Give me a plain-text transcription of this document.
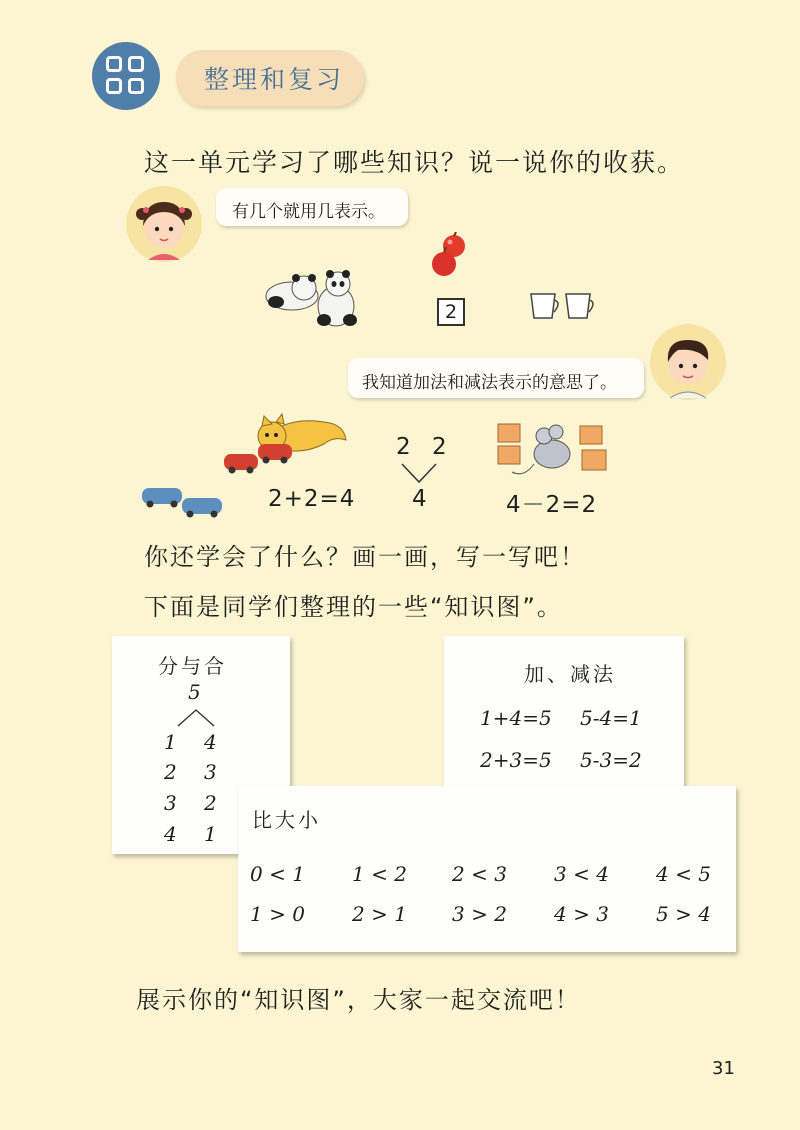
整理和复习
这一单元学习了哪些知识？说一说你的收获。
有几个就用几表示。
2
我知道加法和减法表示的意思了。
2+2=4
2 2
4	4－2=2
你还学会了什么？画一画，写一写吧！
下面是同学们整理的一些“知识图”。
分与合
5
1 4
2 3
3 2
4 1
加、减法
1+4=5 5-4=1
2+3=5 5-3=2
比大小
0 < 1 1 < 2 2 < 3 3 < 4 4 < 5
1 > 0 2 > 1 3 > 2 4 > 3 5 > 4
展示你的“知识图”，大家一起交流吧！
31
